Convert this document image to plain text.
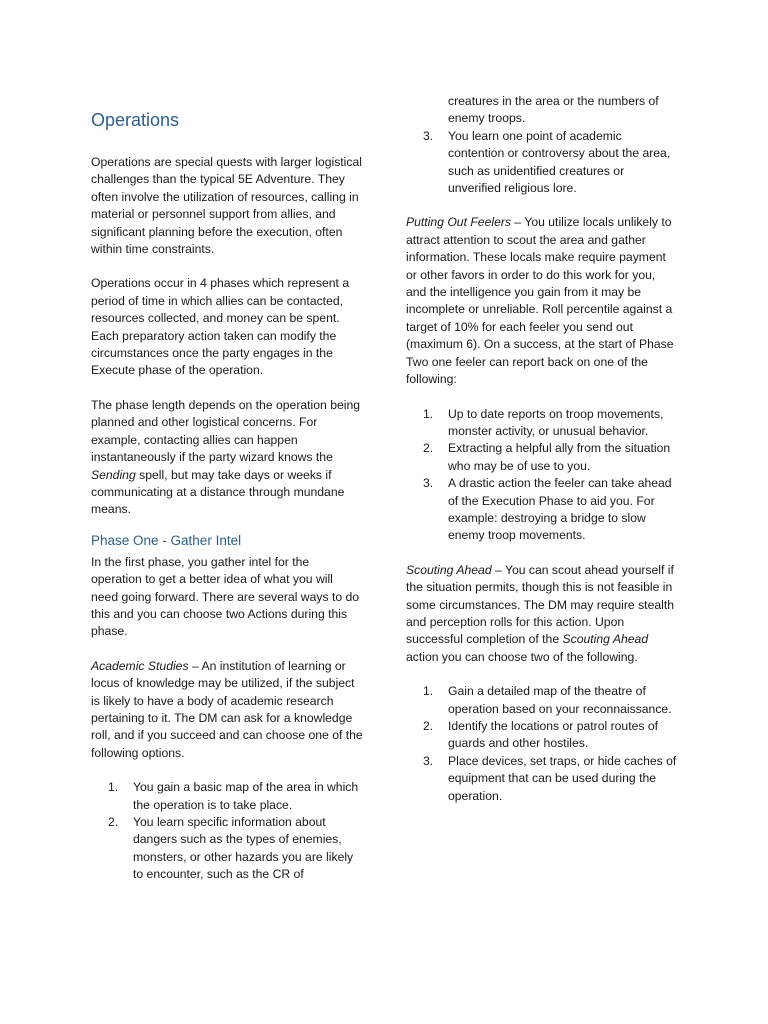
Operations

Operations are special quests with larger logistical challenges than the typical 5E Adventure. They often involve the utilization of resources, calling in material or personnel support from allies, and significant planning before the execution, often within time constraints.

Operations occur in 4 phases which represent a period of time in which allies can be contacted, resources collected, and money can be spent. Each preparatory action taken can modify the circumstances once the party engages in the Execute phase of the operation.

The phase length depends on the operation being planned and other logistical concerns. For example, contacting allies can happen instantaneously if the party wizard knows the Sending spell, but may take days or weeks if communicating at a distance through mundane means.

Phase One - Gather Intel

In the first phase, you gather intel for the operation to get a better idea of what you will need going forward. There are several ways to do this and you can choose two Actions during this phase.

Academic Studies – An institution of learning or locus of knowledge may be utilized, if the subject is likely to have a body of academic research pertaining to it. The DM can ask for a knowledge roll, and if you succeed and can choose one of the following options.

1.	You gain a basic map of the area in which the operation is to take place.
2.	You learn specific information about dangers such as the types of enemies, monsters, or other hazards you are likely to encounter, such as the CR of
creatures in the area or the numbers of enemy troops.
3.	You learn one point of academic contention or controversy about the area, such as unidentified creatures or unverified religious lore.

Putting Out Feelers – You utilize locals unlikely to attract attention to scout the area and gather information. These locals make require payment or other favors in order to do this work for you, and the intelligence you gain from it may be incomplete or unreliable. Roll percentile against a target of 10% for each feeler you send out (maximum 6). On a success, at the start of Phase Two one feeler can report back on one of the following:

1.	Up to date reports on troop movements, monster activity, or unusual behavior.
2.	Extracting a helpful ally from the situation who may be of use to you.
3.	A drastic action the feeler can take ahead of the Execution Phase to aid you. For example: destroying a bridge to slow enemy troop movements.

Scouting Ahead – You can scout ahead yourself if the situation permits, though this is not feasible in some circumstances. The DM may require stealth and perception rolls for this action. Upon successful completion of the Scouting Ahead action you can choose two of the following.

1.	Gain a detailed map of the theatre of operation based on your reconnaissance.
2.	Identify the locations or patrol routes of guards and other hostiles.
3.	Place devices, set traps, or hide caches of equipment that can be used during the operation.
